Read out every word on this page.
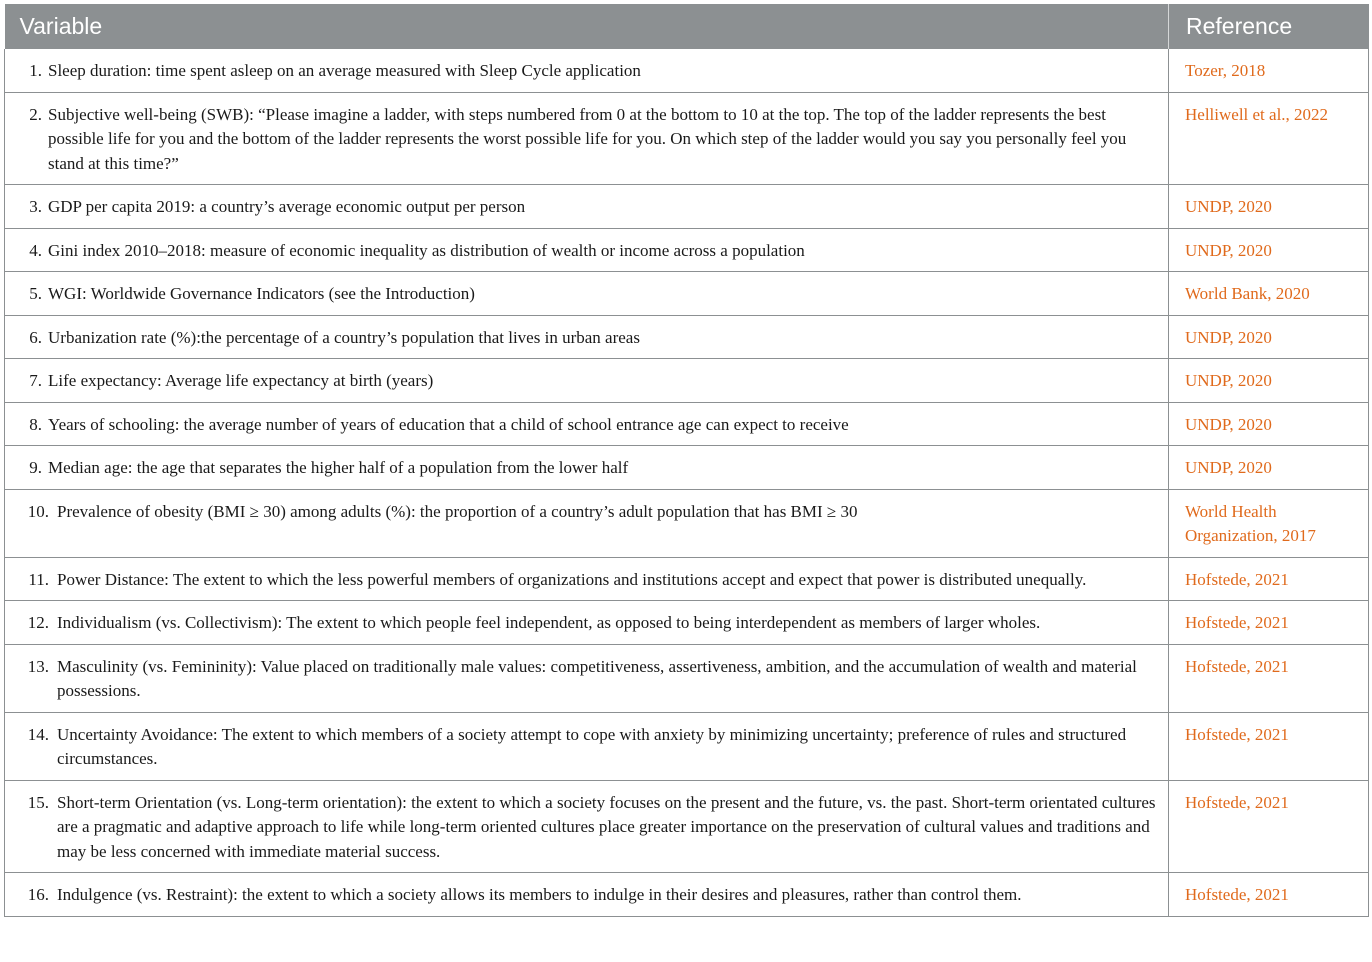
Variable	Reference

1. Sleep duration: time spent asleep on an average measured with Sleep Cycle application	Tozer, 2018

2. Subjective well-being (SWB): “Please imagine a ladder, with steps numbered from 0 at the bottom to 10 at the top. The top of the ladder represents the best possible life for you and the bottom of the ladder represents the worst possible life for you. On which step of the ladder would you say you personally feel you stand at this time?”	Helliwell et al., 2022

3. GDP per capita 2019: a country’s average economic output per person	UNDP, 2020

4. Gini index 2010–2018: measure of economic inequality as distribution of wealth or income across a population	UNDP, 2020

5. WGI: Worldwide Governance Indicators (see the Introduction)	World Bank, 2020

6. Urbanization rate (%):the percentage of a country’s population that lives in urban areas	UNDP, 2020

7. Life expectancy: Average life expectancy at birth (years)	UNDP, 2020

8. Years of schooling: the average number of years of education that a child of school entrance age can expect to receive	UNDP, 2020

9. Median age: the age that separates the higher half of a population from the lower half	UNDP, 2020

10. Prevalence of obesity (BMI ≥ 30) among adults (%): the proportion of a country’s adult population that has BMI ≥ 30	World Health Organization, 2017

11. Power Distance: The extent to which the less powerful members of organizations and institutions accept and expect that power is distributed unequally.	Hofstede, 2021

12. Individualism (vs. Collectivism): The extent to which people feel independent, as opposed to being interdependent as members of larger wholes.	Hofstede, 2021

13. Masculinity (vs. Femininity): Value placed on traditionally male values: competitiveness, assertiveness, ambition, and the accumulation of wealth and material possessions.	Hofstede, 2021

14. Uncertainty Avoidance: The extent to which members of a society attempt to cope with anxiety by minimizing uncertainty; preference of rules and structured circumstances.	Hofstede, 2021

15. Short-term Orientation (vs. Long-term orientation): the extent to which a society focuses on the present and the future, vs. the past. Short-term orientated cultures are a pragmatic and adaptive approach to life while long-term oriented cultures place greater importance on the preservation of cultural values and traditions and may be less concerned with immediate material success.	Hofstede, 2021

16. Indulgence (vs. Restraint): the extent to which a society allows its members to indulge in their desires and pleasures, rather than control them.	Hofstede, 2021
